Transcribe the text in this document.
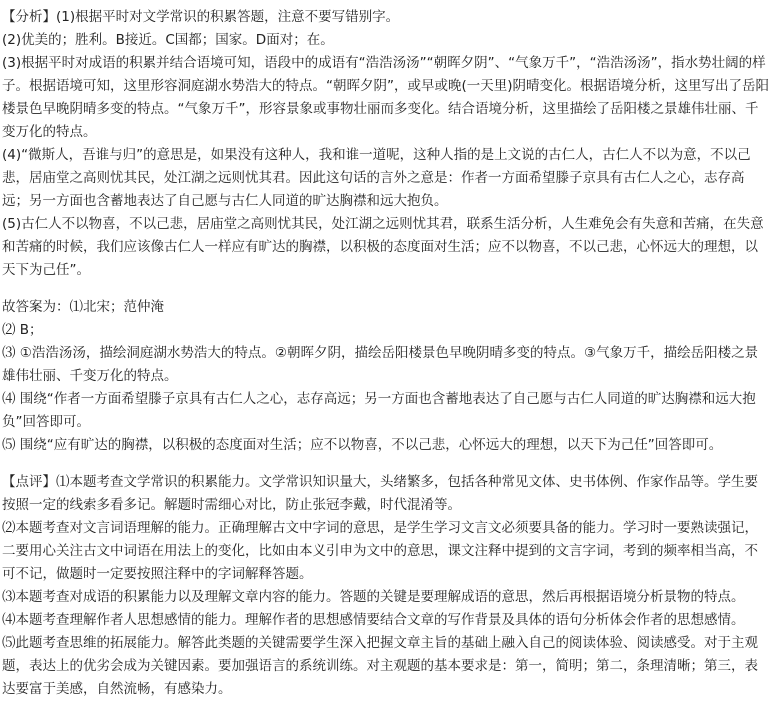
【分析】(1)根据平时对文学常识的积累答题，注意不要写错别字。
(2)优美的；胜利。B接近。C国都；国家。D面对；在。
(3)根据平时对成语的积累并结合语境可知，语段中的成语有“浩浩汤汤”“朝晖夕阴”、“气象万千”，“浩浩汤汤”，指水势壮阔的样子。根据语境可知，这里形容洞庭湖水势浩大的特点。“朝晖夕阴”，或早或晚(一天里)阴晴变化。根据语境分析，这里写出了岳阳楼景色早晚阴晴多变的特点。“气象万千”，形容景象或事物壮丽而多变化。结合语境分析，这里描绘了岳阳楼之景雄伟壮丽、千变万化的特点。
(4)“微斯人，吾谁与归”的意思是，如果没有这种人，我和谁一道呢，这种人指的是上文说的古仁人，古仁人不以为意，不以己悲，居庙堂之高则忧其民，处江湖之远则忧其君。因此这句话的言外之意是：作者一方面希望滕子京具有古仁人之心，志存高远；另一方面也含蓄地表达了自己愿与古仁人同道的旷达胸襟和远大抱负。
(5)古仁人不以物喜，不以己悲，居庙堂之高则忧其民，处江湖之远则忧其君，联系生活分析，人生难免会有失意和苦痛，在失意和苦痛的时候，我们应该像古仁人一样应有旷达的胸襟，以积极的态度面对生活；应不以物喜，不以己悲，心怀远大的理想，以天下为己任”。
故答案为：⑴北宋；范仲淹
⑵ B；
⑶ ①浩浩汤汤，描绘洞庭湖水势浩大的特点。②朝晖夕阴，描绘岳阳楼景色早晚阴晴多变的特点。③气象万千，描绘岳阳楼之景雄伟壮丽、千变万化的特点。
⑷ 围绕“作者一方面希望滕子京具有古仁人之心，志存高远；另一方面也含蓄地表达了自己愿与古仁人同道的旷达胸襟和远大抱负”回答即可。
⑸ 围绕“应有旷达的胸襟，以积极的态度面对生活；应不以物喜，不以己悲，心怀远大的理想，以天下为己任”回答即可。
【点评】⑴本题考查文学常识的积累能力。文学常识知识量大，头绪繁多，包括各种常见文体、史书体例、作家作品等。学生要按照一定的线索多看多记。解题时需细心对比，防止张冠李戴，时代混淆等。
⑵本题考查对文言词语理解的能力。正确理解古文中字词的意思，是学生学习文言文必须要具备的能力。学习时一要熟读强记，二要用心关注古文中词语在用法上的变化，比如由本义引申为文中的意思，课文注释中提到的文言字词，考到的频率相当高，不可不记，做题时一定要按照注释中的字词解释答题。
⑶本题考查对成语的积累能力以及理解文章内容的能力。答题的关键是要理解成语的意思，然后再根据语境分析景物的特点。
⑷本题考查理解作者人思想感情的能力。理解作者的思想感情要结合文章的写作背景及具体的语句分析体会作者的思想感情。
⑸此题考查思维的拓展能力。解答此类题的关键需要学生深入把握文章主旨的基础上融入自己的阅读体验、阅读感受。对于主观题，表达上的优劣会成为关键因素。要加强语言的系统训练。对主观题的基本要求是：第一，简明；第二，条理清晰；第三，表达要富于美感，自然流畅，有感染力。
